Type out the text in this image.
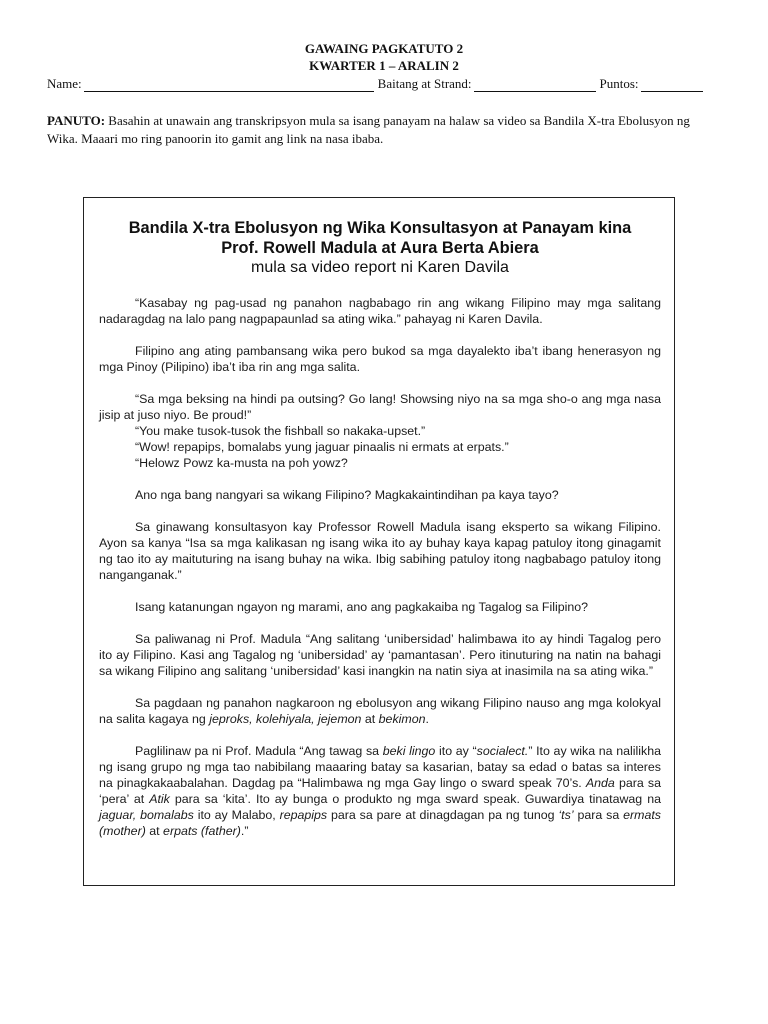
GAWAING PAGKATUTO 2
KWARTER 1 – ARALIN 2
Name:	Baitang at Strand:	Puntos:
PANUTO: Basahin at unawain ang transkripsyon mula sa isang panayam na halaw sa video sa Bandila X-tra Ebolusyon ng Wika. Maaari mo ring panoorin ito gamit ang link na nasa ibaba.
Bandila X-tra Ebolusyon ng Wika Konsultasyon at Panayam kina
Prof. Rowell Madula at Aura Berta Abiera
mula sa video report ni Karen Davila

“Kasabay ng pag-usad ng panahon nagbabago rin ang wikang Filipino may mga salitang nadaragdag na lalo pang nagpapaunlad sa ating wika.” pahayag ni Karen Davila.

Filipino ang ating pambansang wika pero bukod sa mga dayalekto iba’t ibang henerasyon ng mga Pinoy (Pilipino) iba’t iba rin ang mga salita.

“Sa mga beksing na hindi pa outsing? Go lang! Showsing niyo na sa mga sho-o ang mga nasa jisip at juso niyo. Be proud!”

“You make tusok-tusok the fishball so nakaka-upset.”

“Wow! repapips, bomalabs yung jaguar pinaalis ni ermats at erpats.”

“Helowz Powz ka-musta na poh yowz?

Ano nga bang nangyari sa wikang Filipino? Magkakaintindihan pa kaya tayo?

Sa ginawang konsultasyon kay Professor Rowell Madula isang eksperto sa wikang Filipino. Ayon sa kanya “Isa sa mga kalikasan ng isang wika ito ay buhay kaya kapag patuloy itong ginagamit ng tao ito ay maituturing na isang buhay na wika. Ibig sabihing patuloy itong nagbabago patuloy itong nanganganak.”

Isang katanungan ngayon ng marami, ano ang pagkakaiba ng Tagalog sa Filipino?

Sa paliwanag ni Prof. Madula “Ang salitang ‘unibersidad’ halimbawa ito ay hindi Tagalog pero ito ay Filipino. Kasi ang Tagalog ng ‘unibersidad’ ay ‘pamantasan’. Pero itinuturing na natin na bahagi sa wikang Filipino ang salitang ‘unibersidad’ kasi inangkin na natin siya at inasimila na sa ating wika.”

Sa pagdaan ng panahon nagkaroon ng ebolusyon ang wikang Filipino nauso ang mga kolokyal na salita kagaya ng jeproks, kolehiyala, jejemon at bekimon.

Paglilinaw pa ni Prof. Madula “Ang tawag sa beki lingo ito ay “socialect.” Ito ay wika na nalilikha ng isang grupo ng mga tao nabibilang maaaring batay sa kasarian, batay sa edad o batas sa interes na pinagkakaabalahan. Dagdag pa “Halimbawa ng mga Gay lingo o sward speak 70’s. Anda para sa ‘pera’ at Atik para sa ‘kita’. Ito ay bunga o produkto ng mga sward speak. Guwardiya tinatawag na jaguar, bomalabs ito ay Malabo, repapips para sa pare at dinagdagan pa ng tunog ‘ts’ para sa ermats (mother) at erpats (father).”
